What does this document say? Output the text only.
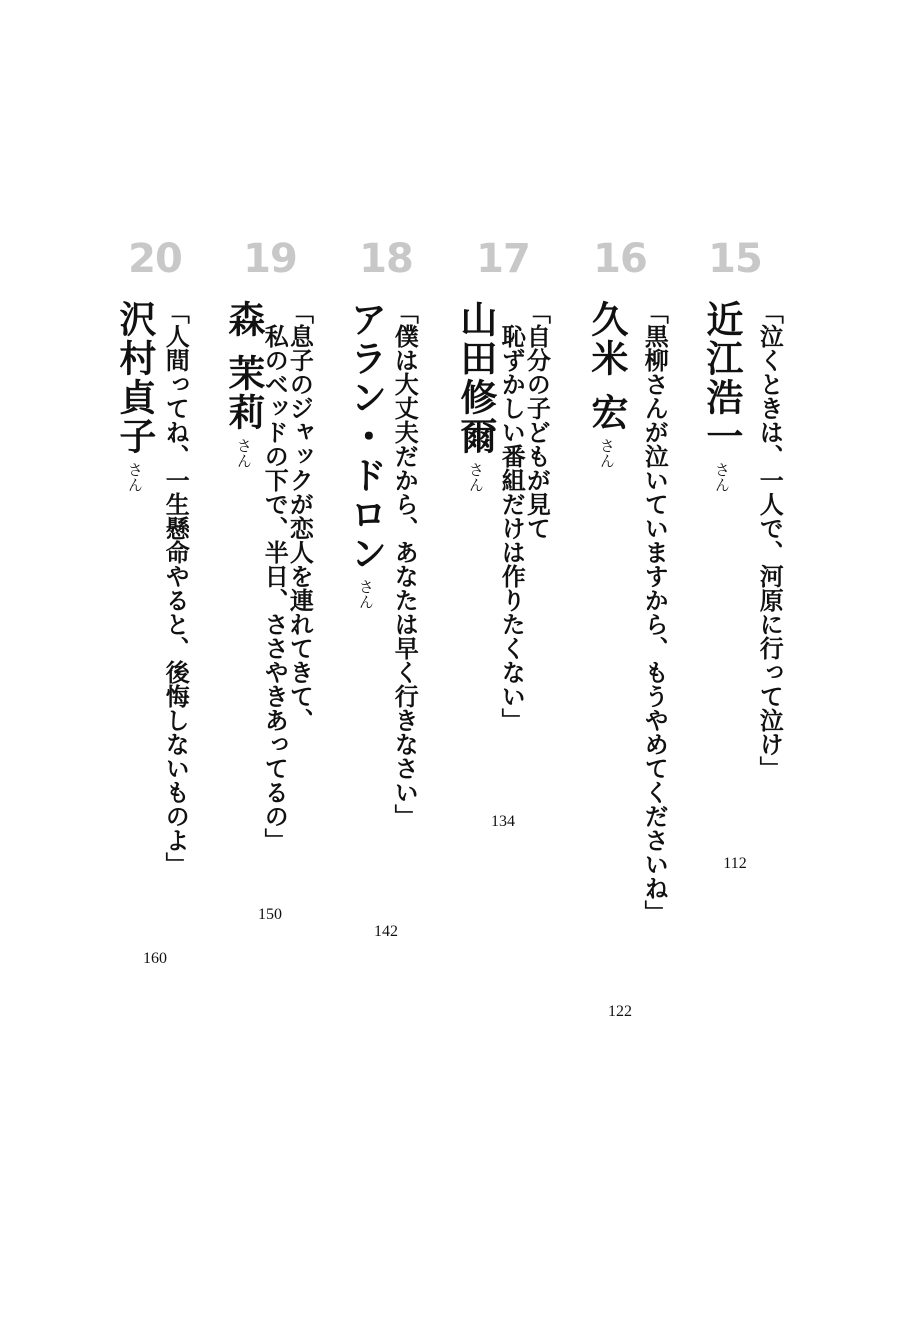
15
「泣くときは、一人で、河原に行って泣け」
近江浩一さん
112
16
「黒柳さんが泣いていますから、もうやめてくださいね」
久米 宏さん
122
17
「自分の子どもが見て
恥ずかしい番組だけは作りたくない」
山田修爾さん
134
18
「僕は大丈夫だから、あなたは早く行きなさい」
アラン・ドロンさん
142
19
「息子のジャックが恋人を連れてきて、
私のベッドの下で、半日、ささやきあってるの」
森 茉莉さん
150
20
「人間ってね、一生懸命やると、後悔しないものよ」
沢村貞子さん
160
